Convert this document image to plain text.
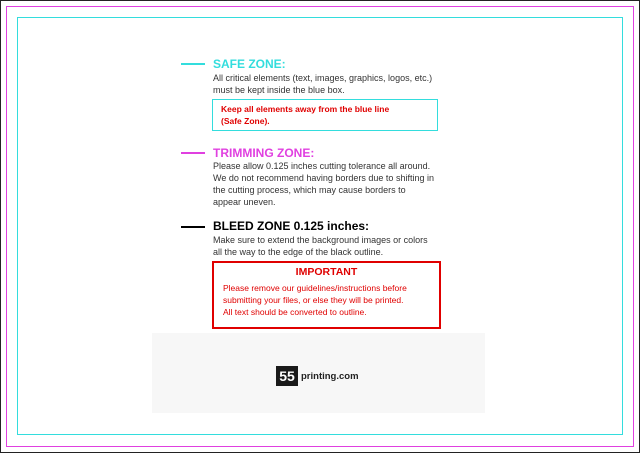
SAFE ZONE:
All critical elements (text, images, graphics, logos, etc.)
must be kept inside the blue box.
Keep all elements away from the blue line
(Safe Zone).
TRIMMING ZONE:
Please allow 0.125 inches cutting tolerance all around.
We do not recommend having borders due to shifting in
the cutting process, which may cause borders to
appear uneven.
BLEED ZONE 0.125 inches:
Make sure to extend the background images or colors
all the way to the edge of the black outline.
IMPORTANT
Please remove our guidelines/instructions before
submitting your files, or else they will be printed.
All text should be converted to outline.
55 printing.com
